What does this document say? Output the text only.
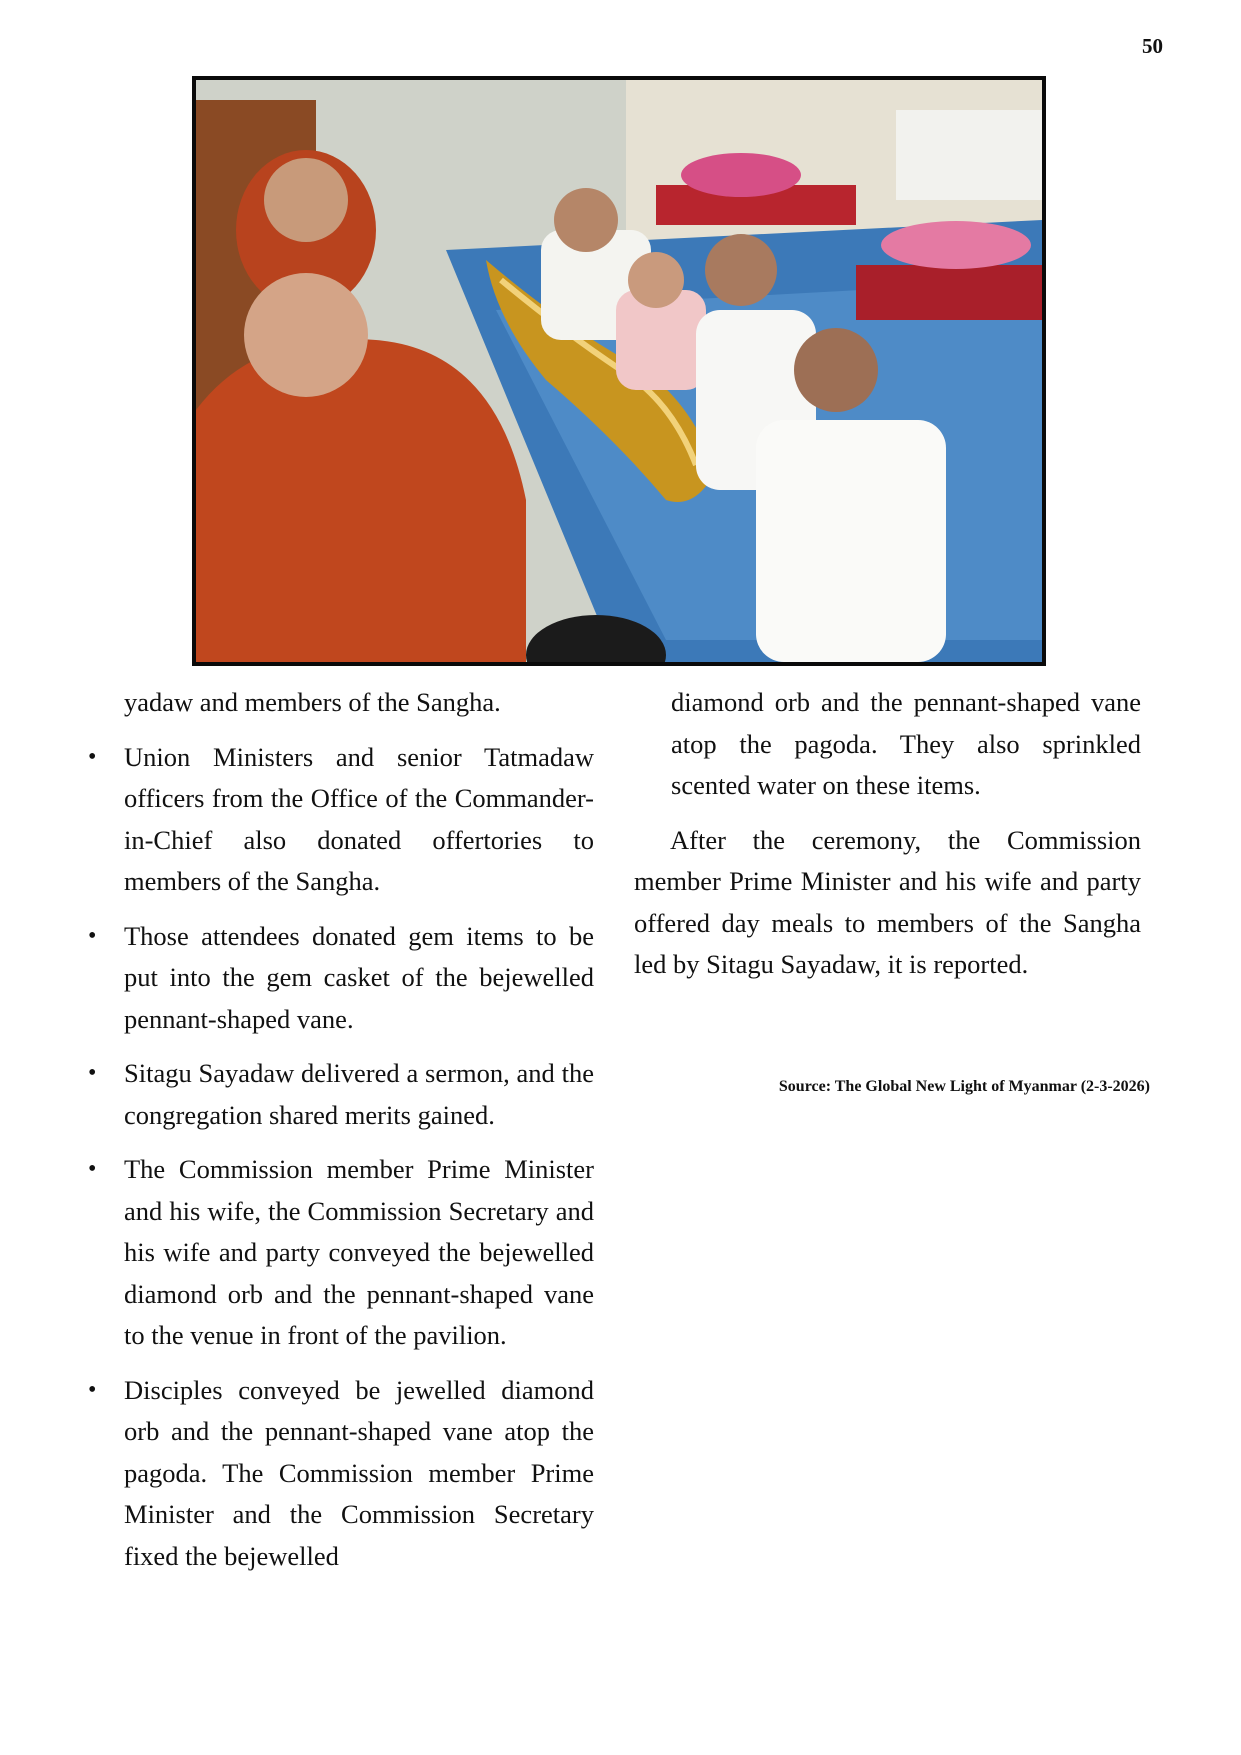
50

yadaw and members of the Sangha.

• Union Ministers and senior Tatmadaw officers from the Office of the Commander-in-Chief also donated offertories to members of the Sangha.
• Those attendees donated gem items to be put into the gem casket of the bejewelled pennant-shaped vane.
• Sitagu Sayadaw delivered a sermon, and the congregation shared merits gained.
• The Commission member Prime Minister and his wife, the Commission Secretary and his wife and party conveyed the bejewelled diamond orb and the pennant-shaped vane to the venue in front of the pavilion.
• Disciples conveyed be jewelled diamond orb and the pennant-shaped vane atop the pagoda. The Commission member Prime Minister and the Commission Secretary fixed the bejewelled

diamond orb and the pennant-shaped vane atop the pagoda. They also sprinkled scented water on these items.

After the ceremony, the Commission member Prime Minister and his wife and party offered day meals to members of the Sangha led by Sitagu Sayadaw, it is reported.

Source: The Global New Light of Myanmar (2-3-2026)
